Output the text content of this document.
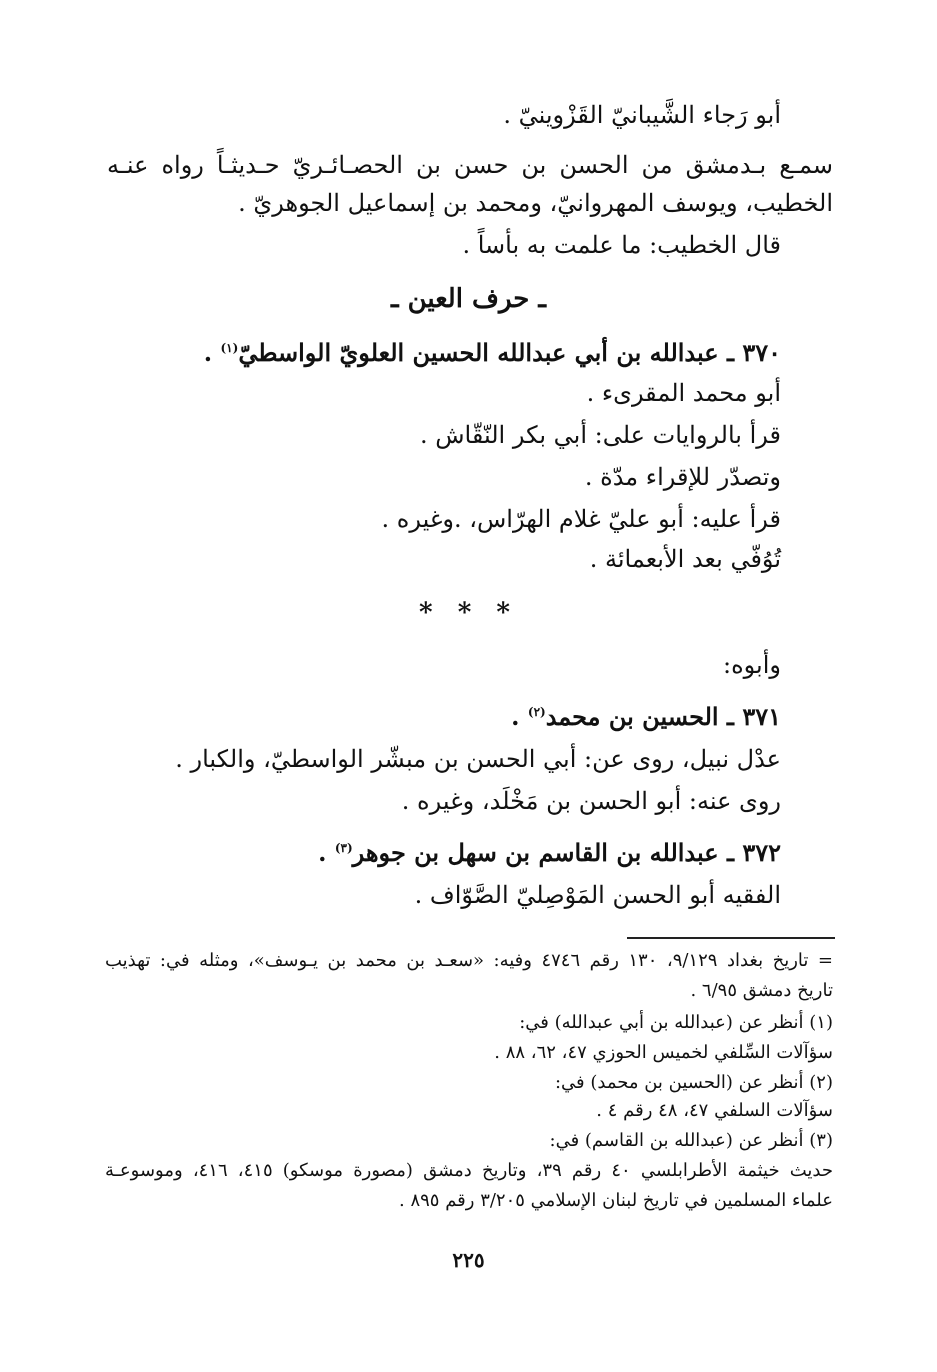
أبو رَجاء الشَّيبانيّ القَزْوينيّ .
سمـع بـدمشق من الحسن بن حسن بن الحصـائـريّ حـديثـاً رواه عنـه
الخطيب، ويوسف المهروانيّ، ومحمد بن إسماعيل الجوهريّ .
قال الخطيب: ما علمت به بأساً .
ـ حرف العين ـ
٣٧٠ ـ عبدالله بن أبي عبدالله الحسين العلويّ الواسطيّ$^{(١)}$ .
أبو محمد المقرىء .
قرأ بالروايات على: أبي بكر النّقّاش .
وتصدّر للإقراء مدّة .
قرأ عليه: أبو عليّ غلام الهرّاس، .وغيره .
تُوُفّي بعد الأبعمائة .
* * *
وأبوه:
٣٧١ ـ الحسين بن محمد$^{(٢)}$ .
عدْل نبيل، روى عن: أبي الحسن بن مبشّر الواسطيّ، والكبار .
روى عنه: أبو الحسن بن مَخْلَد، وغيره .
٣٧٢ ـ عبدالله بن القاسم بن سهل بن جوهر$^{(٣)}$ .
الفقيه أبو الحسن المَوْصِليّ الصَّوّاف .
= تاريخ بغداد ٩/١٢٩، ١٣٠ رقم ٤٧٤٦ وفيه: «سعـد بن محمد بن يـوسف»، ومثله في: تهذيب
تاريخ دمشق ٦/٩٥ .
(١) أنظر عن (عبدالله بن أبي عبدالله) في:
سؤآلات السِّلفي لخميس الحوزي ٤٧، ٦٢، ٨٨ .
(٢) أنظر عن (الحسين بن محمد) في:
سؤآلات السلفي ٤٧، ٤٨ رقم ٤ .
(٣) أنظر عن (عبدالله بن القاسم) في:
حديث خيثمة الأطرابلسي ٤٠ رقم ٣٩، وتاريخ دمشق (مصورة موسكو) ٤١٥، ٤١٦، وموسوعـة
علماء المسلمين في تاريخ لبنان الإسلامي ٣/٢٠٥ رقم ٨٩٥ .
٢٢٥
